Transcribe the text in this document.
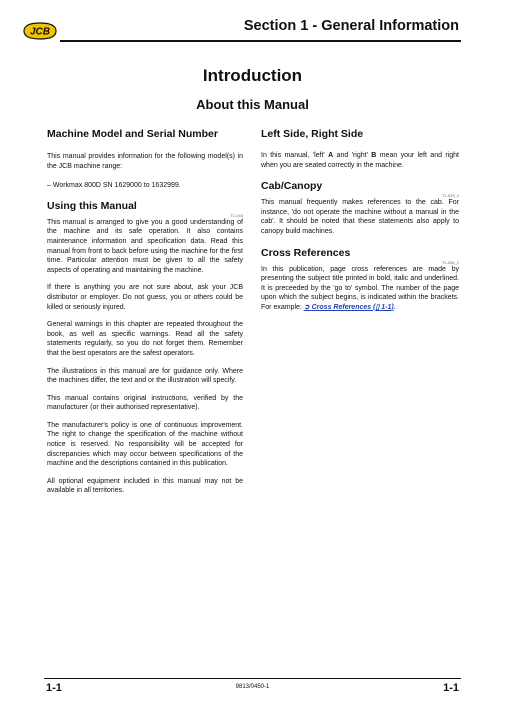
JCB	Section 1 - General Information
Introduction
About this Manual
Machine Model and Serial Number

This manual provides information for the following model(s) in the JCB machine range:

– Workmax 800D SN 1629000 to 1632999.
Using this Manual
T1-044

This manual is arranged to give you a good understanding of the machine and its safe operation. It also contains maintenance information and specification data. Read this manual from front to back before using the machine for the first time. Particular attention must be given to all the safety aspects of operating and maintaining the machine.

If there is anything you are not sure about, ask your JCB distributor or employer. Do not guess, you or others could be killed or seriously injured.

General warnings in this chapter are repeated throughout the book, as well as specific warnings. Read all the safety statements regularly, so you do not forget them. Remember that the best operators are the safest operators.

The illustrations in this manual are for guidance only. Where the machines differ, the text and or the illustration will specify.

This manual contains original instructions, verified by the manufacturer (or their authorised representative).

The manufacturer's policy is one of continuous improvement. The right to change the specification of the machine without notice is reserved. No responsibility will be accepted for discrepancies which may occur between specifications of the machine and the descriptions contained in this publication.

All optional equipment included in this manual may not be available in all territories.

Left Side, Right Side

In this manual, 'left' A and 'right' B mean your left and right when you are seated correctly in the machine.

Cab/Canopy
T1-033_2

This manual frequently makes references to the cab. For instance, 'do not operate the machine without a manual in the cab'. It should be noted that these statements also apply to canopy build machines.

Cross References
T1-036_2

In this publication, page cross references are made by presenting the subject title printed in bold, italic and underlined. It is preceeded by the 'go to' symbol. The number of the page upon which the subject begins, is indicated within the brackets. For example: ➲ Cross References (▯ 1-1).

1-1	9813/0450-1	1-1
